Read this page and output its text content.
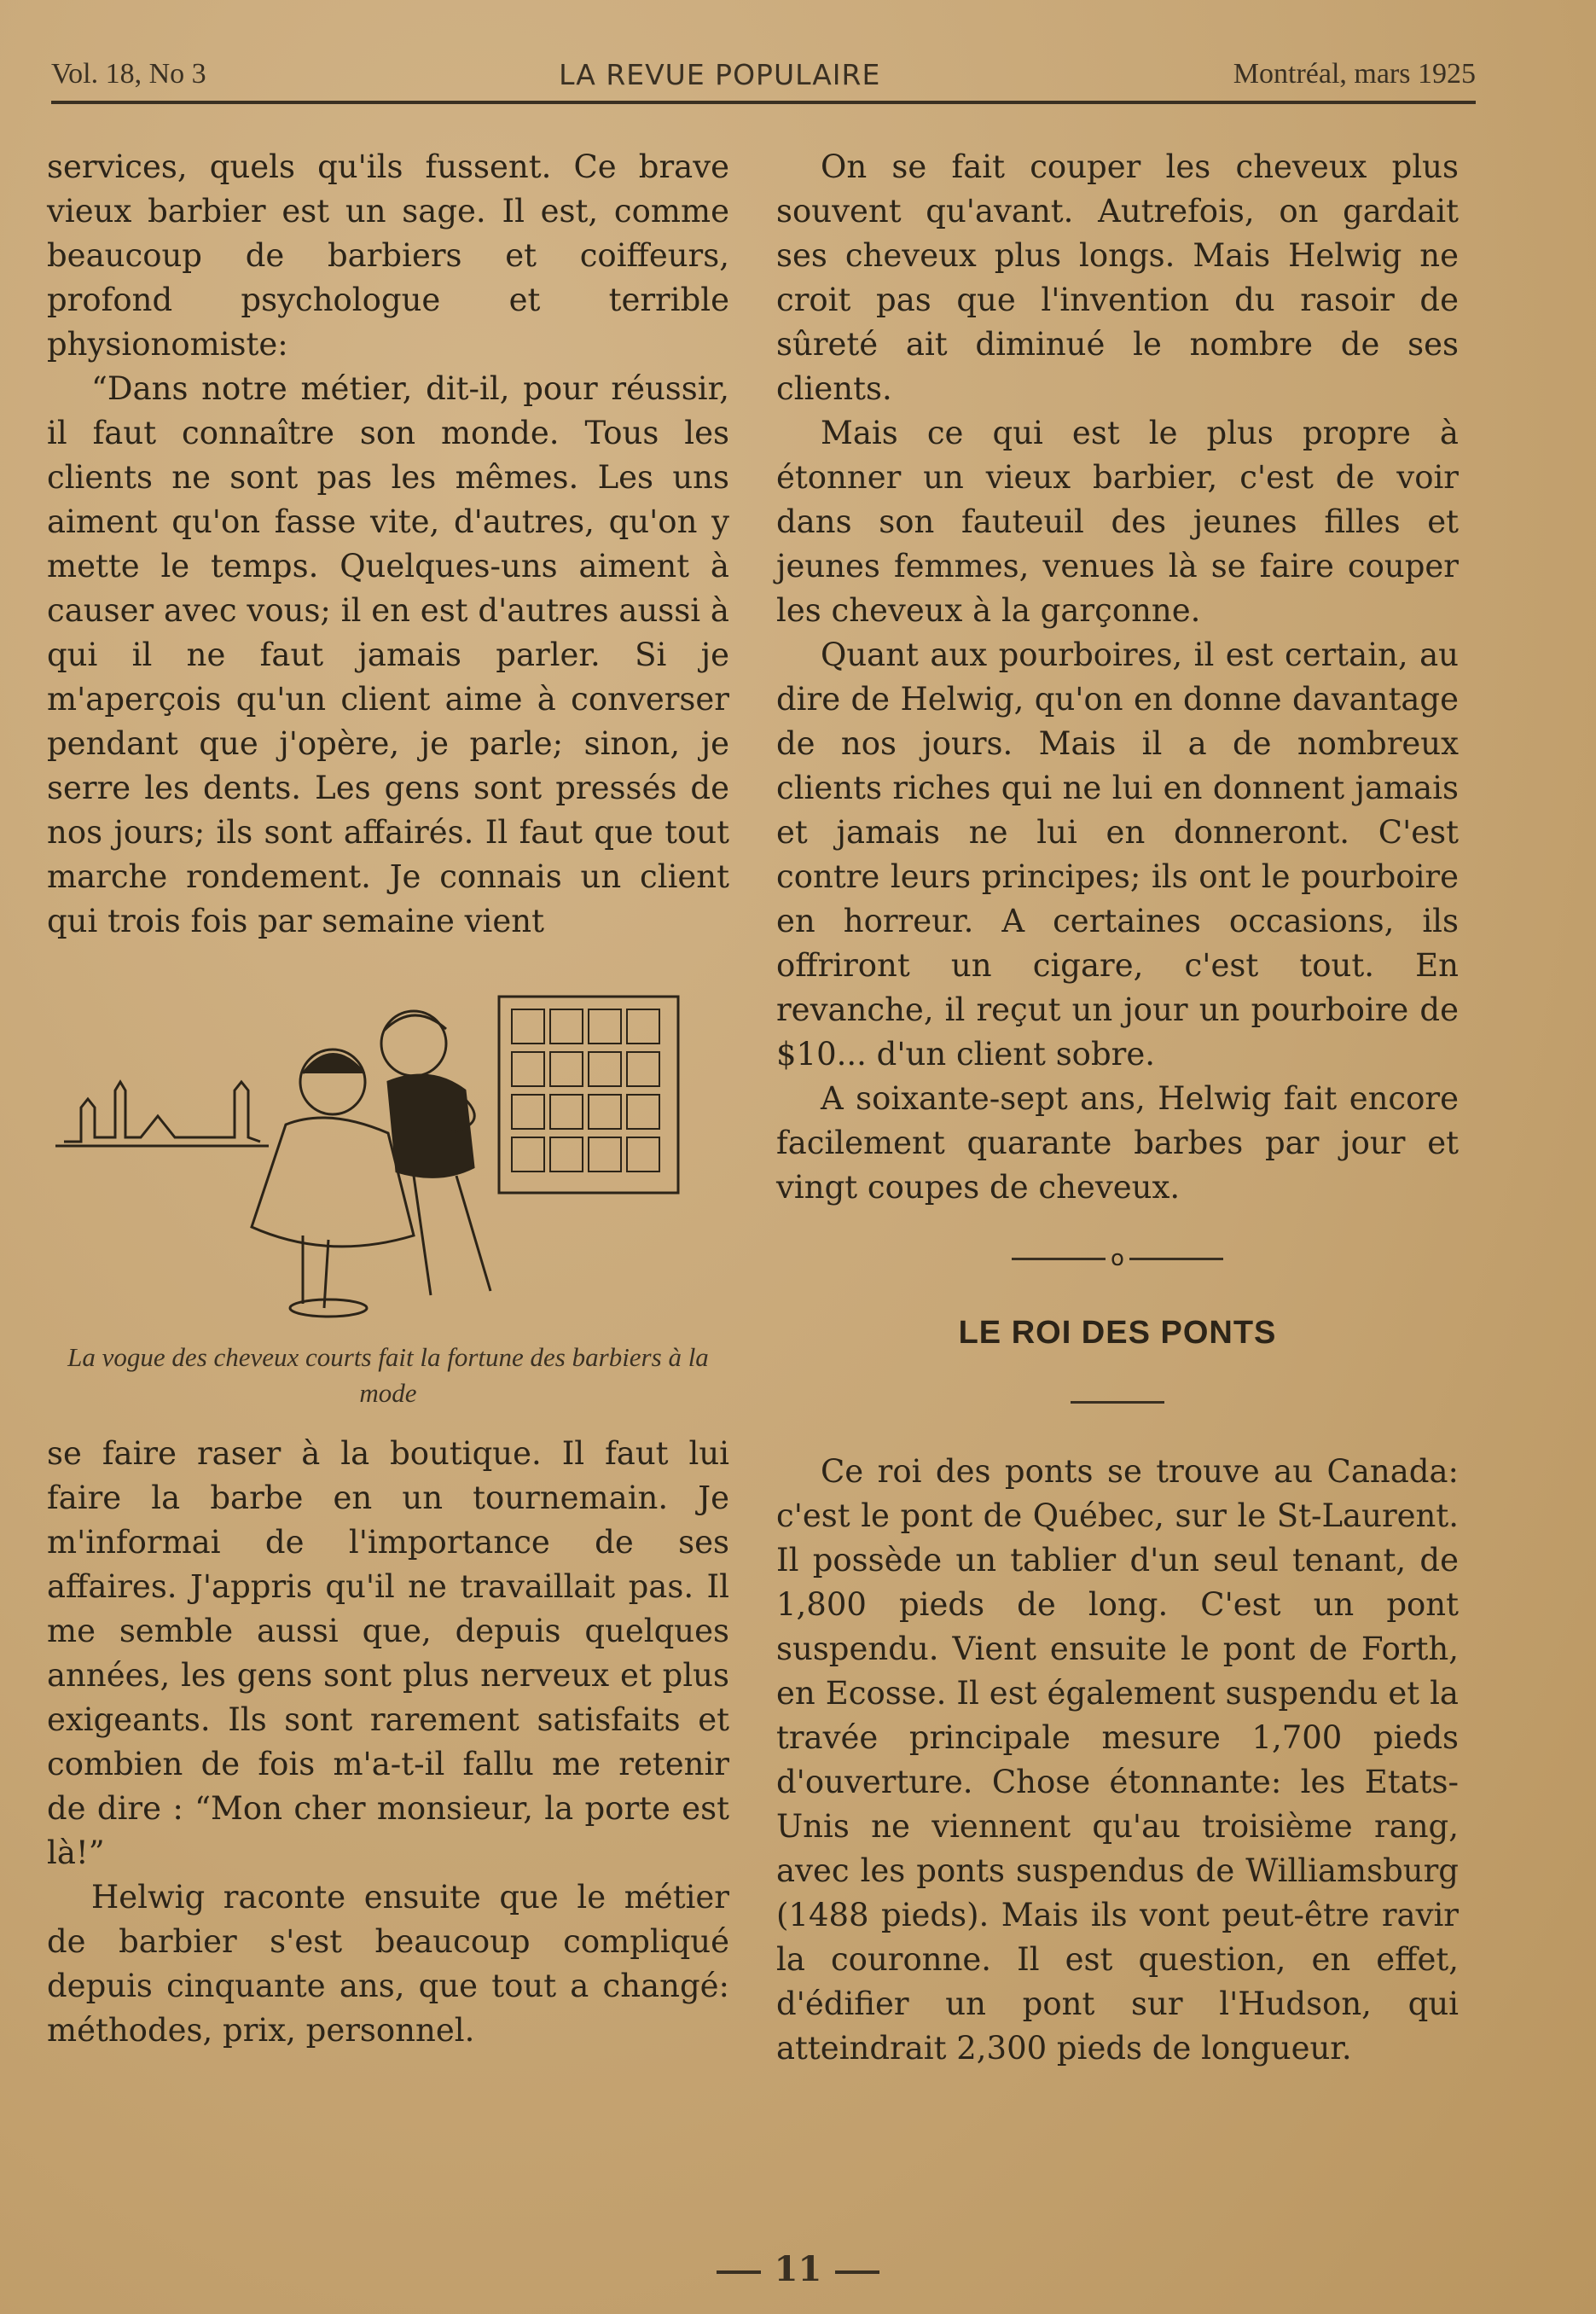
Vol. 18, No 3	LA REVUE POPULAIRE	Montréal, mars 1925

services, quels qu'ils fussent. Ce brave vieux barbier est un sage. Il est, comme beaucoup de barbiers et coiffeurs, profond psychologue et terrible physionomiste:

“Dans notre métier, dit-il, pour réussir, il faut connaître son monde. Tous les clients ne sont pas les mêmes. Les uns aiment qu'on fasse vite, d'autres, qu'on y mette le temps. Quelques-uns aiment à causer avec vous; il en est d'autres aussi à qui il ne faut jamais parler. Si je m'aperçois qu'un client aime à converser pendant que j'opère, je parle; sinon, je serre les dents. Les gens sont pressés de nos jours; ils sont affairés. Il faut que tout marche rondement. Je connais un client qui trois fois par semaine vient

La vogue des cheveux courts fait la fortune des barbiers à la mode

se faire raser à la boutique. Il faut lui faire la barbe en un tournemain. Je m'informai de l'importance de ses affaires. J'appris qu'il ne travaillait pas. Il me semble aussi que, depuis quelques années, les gens sont plus nerveux et plus exigeants. Ils sont rarement satisfaits et combien de fois m'a-t-il fallu me retenir de dire : “Mon cher monsieur, la porte est là!”

Helwig raconte ensuite que le métier de barbier s'est beaucoup compliqué depuis cinquante ans, que tout a changé: méthodes, prix, personnel.

On se fait couper les cheveux plus souvent qu'avant. Autrefois, on gardait ses cheveux plus longs. Mais Helwig ne croit pas que l'invention du rasoir de sûreté ait diminué le nombre de ses clients.

Mais ce qui est le plus propre à étonner un vieux barbier, c'est de voir dans son fauteuil des jeunes filles et jeunes femmes, venues là se faire couper les cheveux à la garçonne.

Quant aux pourboires, il est certain, au dire de Helwig, qu'on en donne davantage de nos jours. Mais il a de nombreux clients riches qui ne lui en donnent jamais et jamais ne lui en donneront. C'est contre leurs principes; ils ont le pourboire en horreur. A certaines occasions, ils offriront un cigare, c'est tout. En revanche, il reçut un jour un pourboire de $10... d'un client sobre.

A soixante-sept ans, Helwig fait encore facilement quarante barbes par jour et vingt coupes de cheveux.

o
LE ROI DES PONTS

Ce roi des ponts se trouve au Canada: c'est le pont de Québec, sur le St-Laurent. Il possède un tablier d'un seul tenant, de 1,800 pieds de long. C'est un pont suspendu. Vient ensuite le pont de Forth, en Ecosse. Il est également suspendu et la travée principale mesure 1,700 pieds d'ouverture. Chose étonnante: les Etats-Unis ne viennent qu'au troisième rang, avec les ponts suspendus de Williamsburg (1488 pieds). Mais ils vont peut-être ravir la couronne. Il est question, en effet, d'édifier un pont sur l'Hudson, qui atteindrait 2,300 pieds de longueur.

11
